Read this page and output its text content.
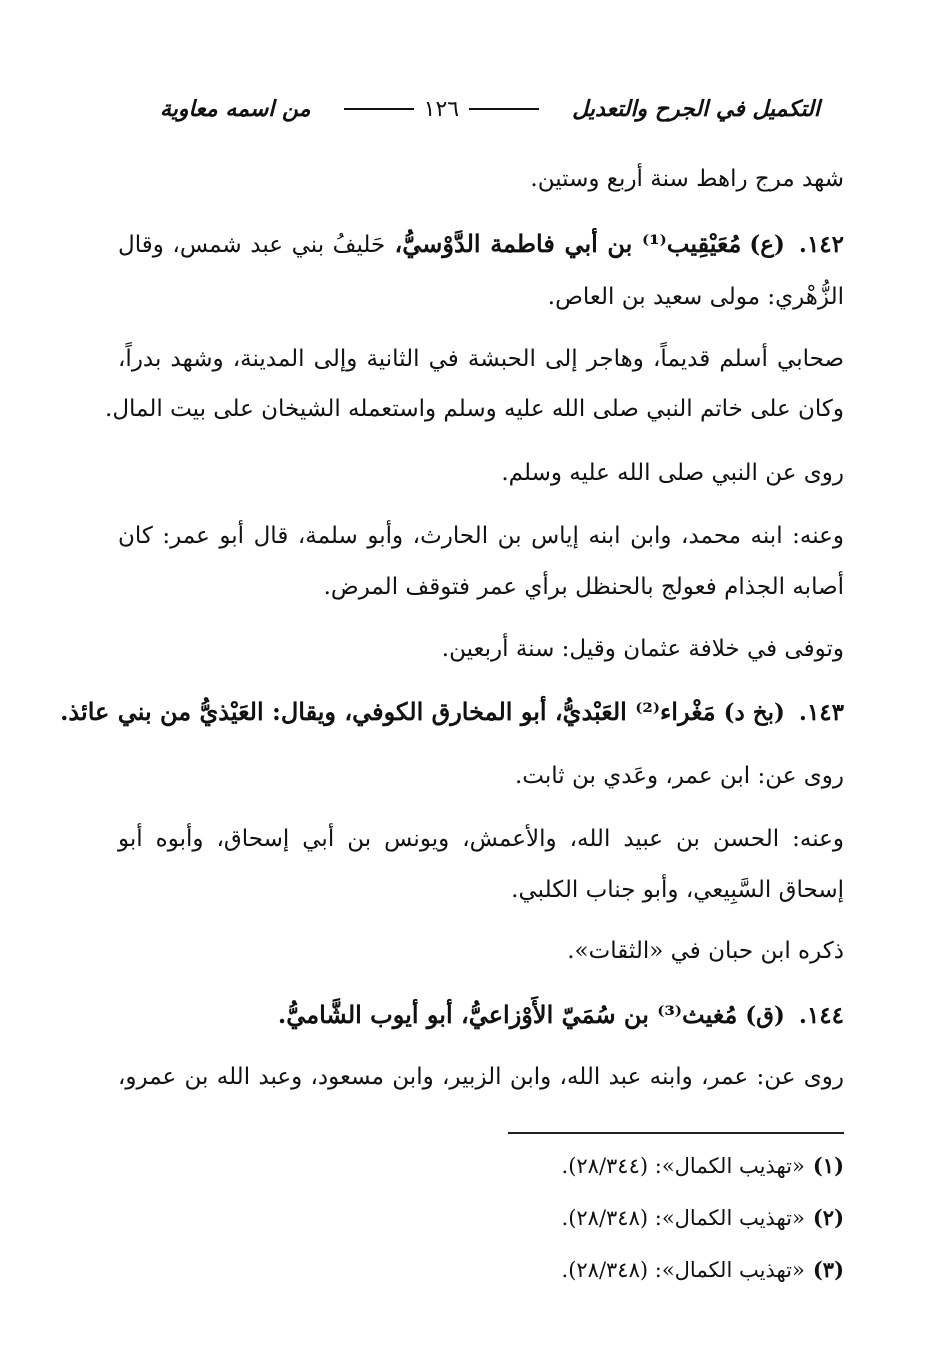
التكميل في الجرح والتعديل
١٢٦
من اسمه معاوية
شهد مرج راهط سنة أربع وستين.
١٤٢.(ع)مُعَيْقِيب⁽¹⁾ بن أبي فاطمة الدَّوْسيُّ، حَليفُ بني عبد شمس، وقال
الزُّهْري: مولى سعيد بن العاص.
صحابي أسلم قديماً، وهاجر إلى الحبشة في الثانية وإلى المدينة، وشهد بدراً،
وكان على خاتم النبي صلى الله عليه وسلم واستعمله الشيخان على بيت المال.
روى عن النبي صلى الله عليه وسلم.
وعنه: ابنه محمد، وابن ابنه إياس بن الحارث، وأبو سلمة، قال أبو عمر: كان
أصابه الجذام فعولج بالحنظل برأي عمر فتوقف المرض.
وتوفى في خلافة عثمان وقيل: سنة أربعين.
١٤٣.(بخ د)مَغْراء⁽²⁾ العَبْديُّ، أبو المخارق الكوفي، ويقال: العَيْذيُّ من بني عائذ.
روى عن: ابن عمر، وعَدي بن ثابت.
وعنه: الحسن بن عبيد الله، والأعمش، ويونس بن أبي إسحاق، وأبوه أبو
إسحاق السَّبِيعي، وأبو جناب الكلبي.
ذكره ابن حبان في «الثقات».
١٤٤.(ق)مُغيث⁽³⁾ بن سُمَيّ الأَوْزاعيُّ، أبو أيوب الشَّاميُّ.
روى عن: عمر، وابنه عبد الله، وابن الزبير، وابن مسعود، وعبد الله بن عمرو،
(١)«تهذيب الكمال»: (٢٨/٣٤٤).
(٢)«تهذيب الكمال»: (٢٨/٣٤٨).
(٣)«تهذيب الكمال»: (٢٨/٣٤٨).
